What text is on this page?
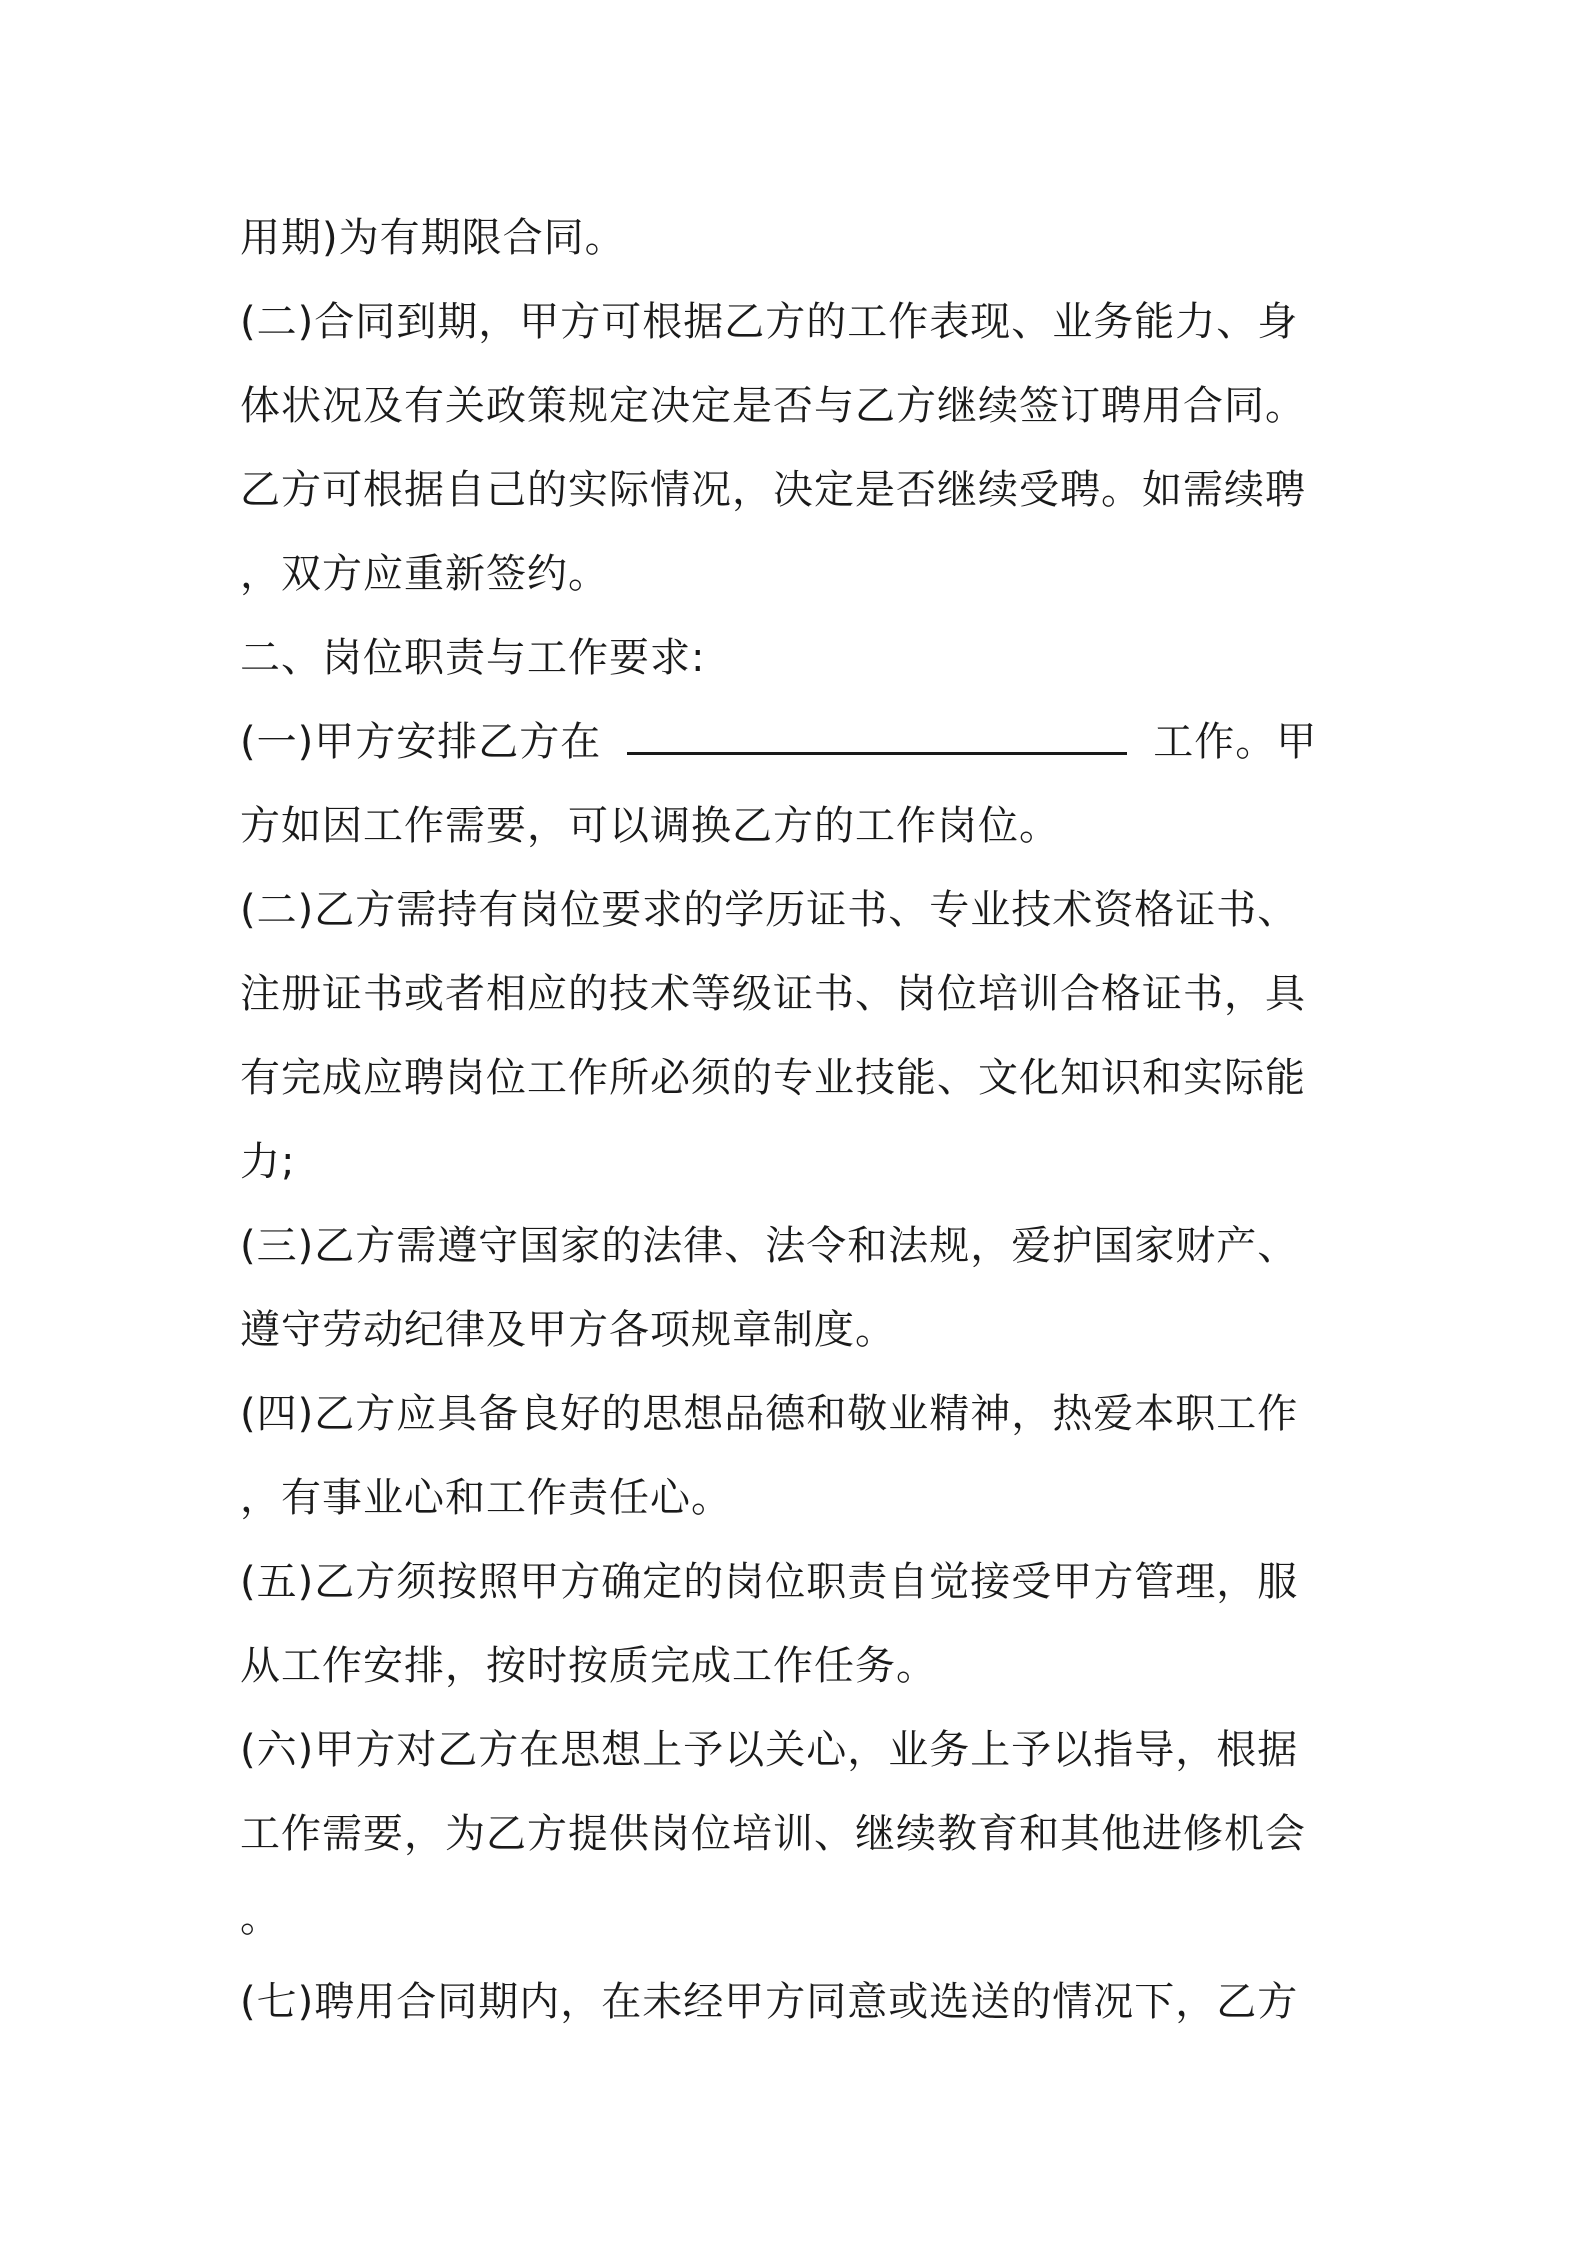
用期)为有期限合同。
(二)合同到期，甲方可根据乙方的工作表现、业务能力、身
体状况及有关政策规定决定是否与乙方继续签订聘用合同。
乙方可根据自己的实际情况，决定是否继续受聘。如需续聘
，双方应重新签约。
二、岗位职责与工作要求:
(一)甲方安排乙方在	工作。甲
方如因工作需要，可以调换乙方的工作岗位。
(二)乙方需持有岗位要求的学历证书、专业技术资格证书、
注册证书或者相应的技术等级证书、岗位培训合格证书，具
有完成应聘岗位工作所必须的专业技能、文化知识和实际能
力;
(三)乙方需遵守国家的法律、法令和法规，爱护国家财产、
遵守劳动纪律及甲方各项规章制度。
(四)乙方应具备良好的思想品德和敬业精神，热爱本职工作
，有事业心和工作责任心。
(五)乙方须按照甲方确定的岗位职责自觉接受甲方管理，服
从工作安排，按时按质完成工作任务。
(六)甲方对乙方在思想上予以关心，业务上予以指导，根据
工作需要，为乙方提供岗位培训、继续教育和其他进修机会
。
(七)聘用合同期内，在未经甲方同意或选送的情况下，乙方
